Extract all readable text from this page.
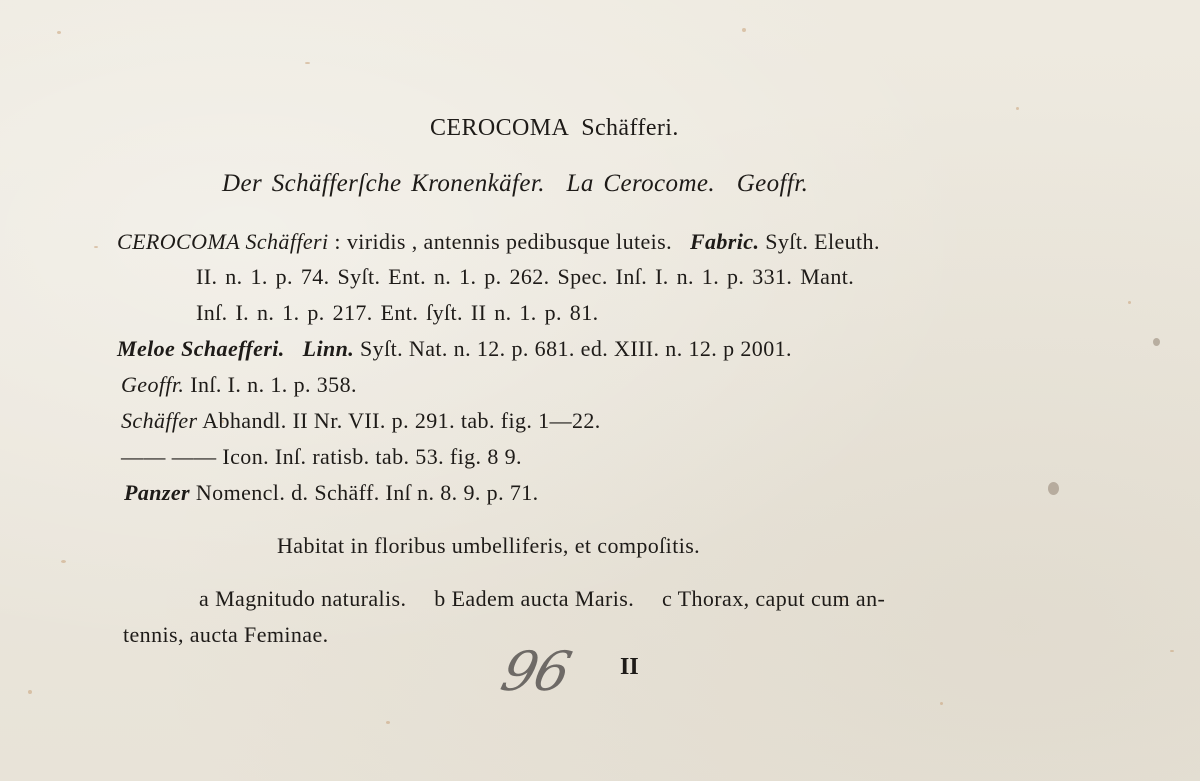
CEROCOMA Schäfferi.
Der Schäfferſche Kronenkäfer. La Cerocome. Geoffr.
CEROCOMA Schäfferi : viridis , antennis pedibusque luteis. Fabric. Syſt. Eleuth.
II. n. 1. p. 74. Syſt. Ent. n. 1. p. 262. Spec. Inſ. I. n. 1. p. 331. Mant.
Inſ. I. n. 1. p. 217. Ent. ſyſt. II n. 1. p. 81.
Meloe Schaefferi. Linn. Syſt. Nat. n. 12. p. 681. ed. XIII. n. 12. p 2001.
Geoffr. Inſ. I. n. 1. p. 358.
Schäffer Abhandl. II Nr. VII. p. 291. tab. fig. 1—22.
—— —— Icon. Inſ. ratisb. tab. 53. fig. 8 9.
Panzer Nomencl. d. Schäff. Inſ n. 8. 9. p. 71.
Habitat in floribus umbelliferis, et compoſitis.
a Magnitudo naturalis. b Eadem aucta Maris. c Thorax, caput cum an-
tennis, aucta Feminae.
96 II
